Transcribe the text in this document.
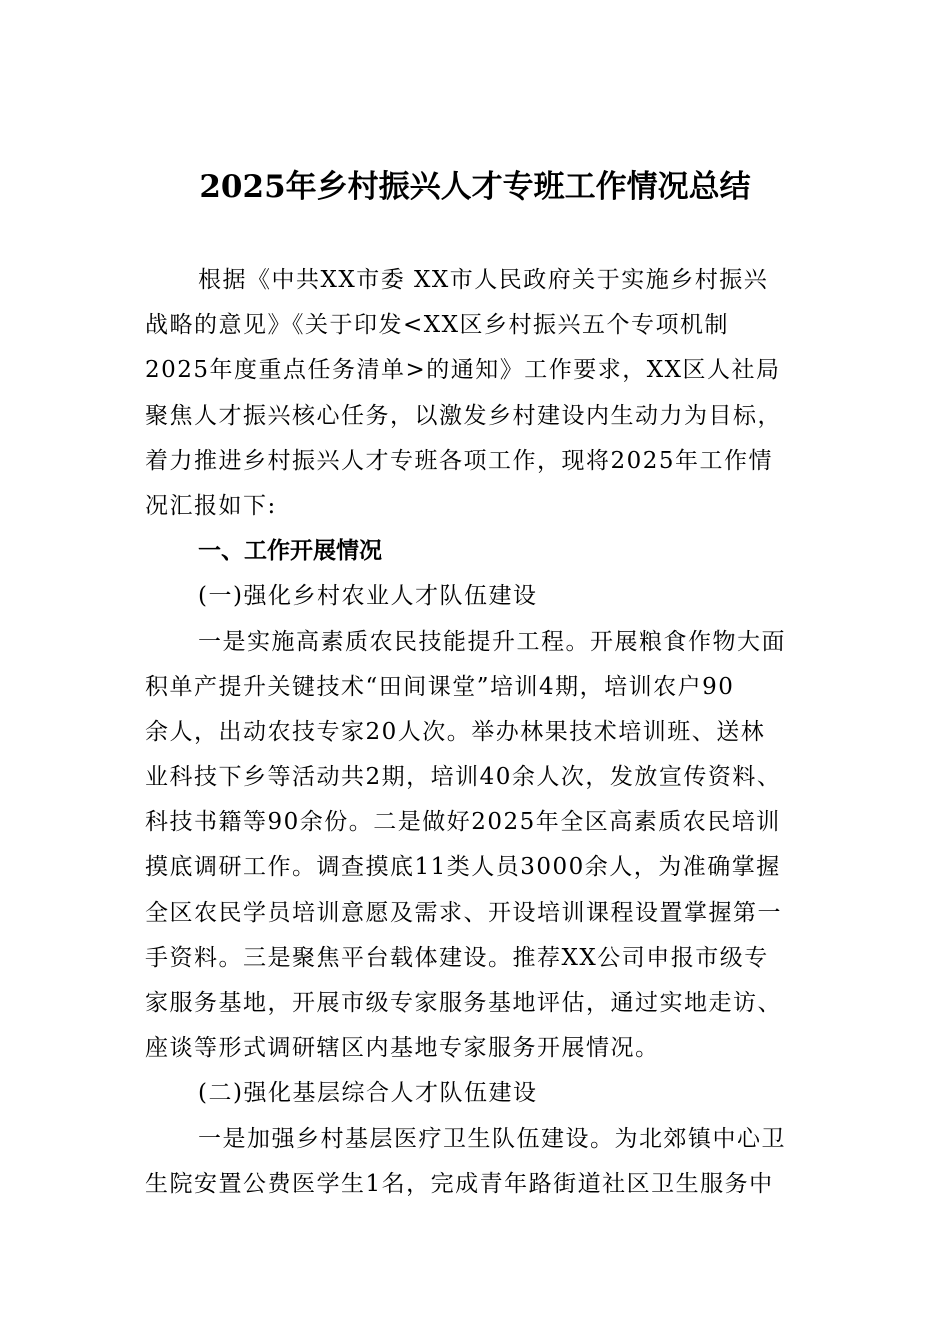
2025年乡村振兴人才专班工作情况总结
根据《中共XX市委 XX市人民政府关于实施乡村振兴
战略的意见》《关于印发<XX区乡村振兴五个专项机制
2025年度重点任务清单>的通知》工作要求，XX区人社局
聚焦人才振兴核心任务，以激发乡村建设内生动力为目标，
着力推进乡村振兴人才专班各项工作，现将2025年工作情
况汇报如下:
一、工作开展情况
(一)强化乡村农业人才队伍建设
一是实施高素质农民技能提升工程。开展粮食作物大面
积单产提升关键技术“田间课堂”培训4期，培训农户90
余人，出动农技专家20人次。举办林果技术培训班、送林
业科技下乡等活动共2期，培训40余人次，发放宣传资料、
科技书籍等90余份。二是做好2025年全区高素质农民培训
摸底调研工作。调查摸底11类人员3000余人，为准确掌握
全区农民学员培训意愿及需求、开设培训课程设置掌握第一
手资料。三是聚焦平台载体建设。推荐XX公司申报市级专
家服务基地，开展市级专家服务基地评估，通过实地走访、
座谈等形式调研辖区内基地专家服务开展情况。
(二)强化基层综合人才队伍建设
一是加强乡村基层医疗卫生队伍建设。为北郊镇中心卫
生院安置公费医学生1名，完成青年路街道社区卫生服务中
